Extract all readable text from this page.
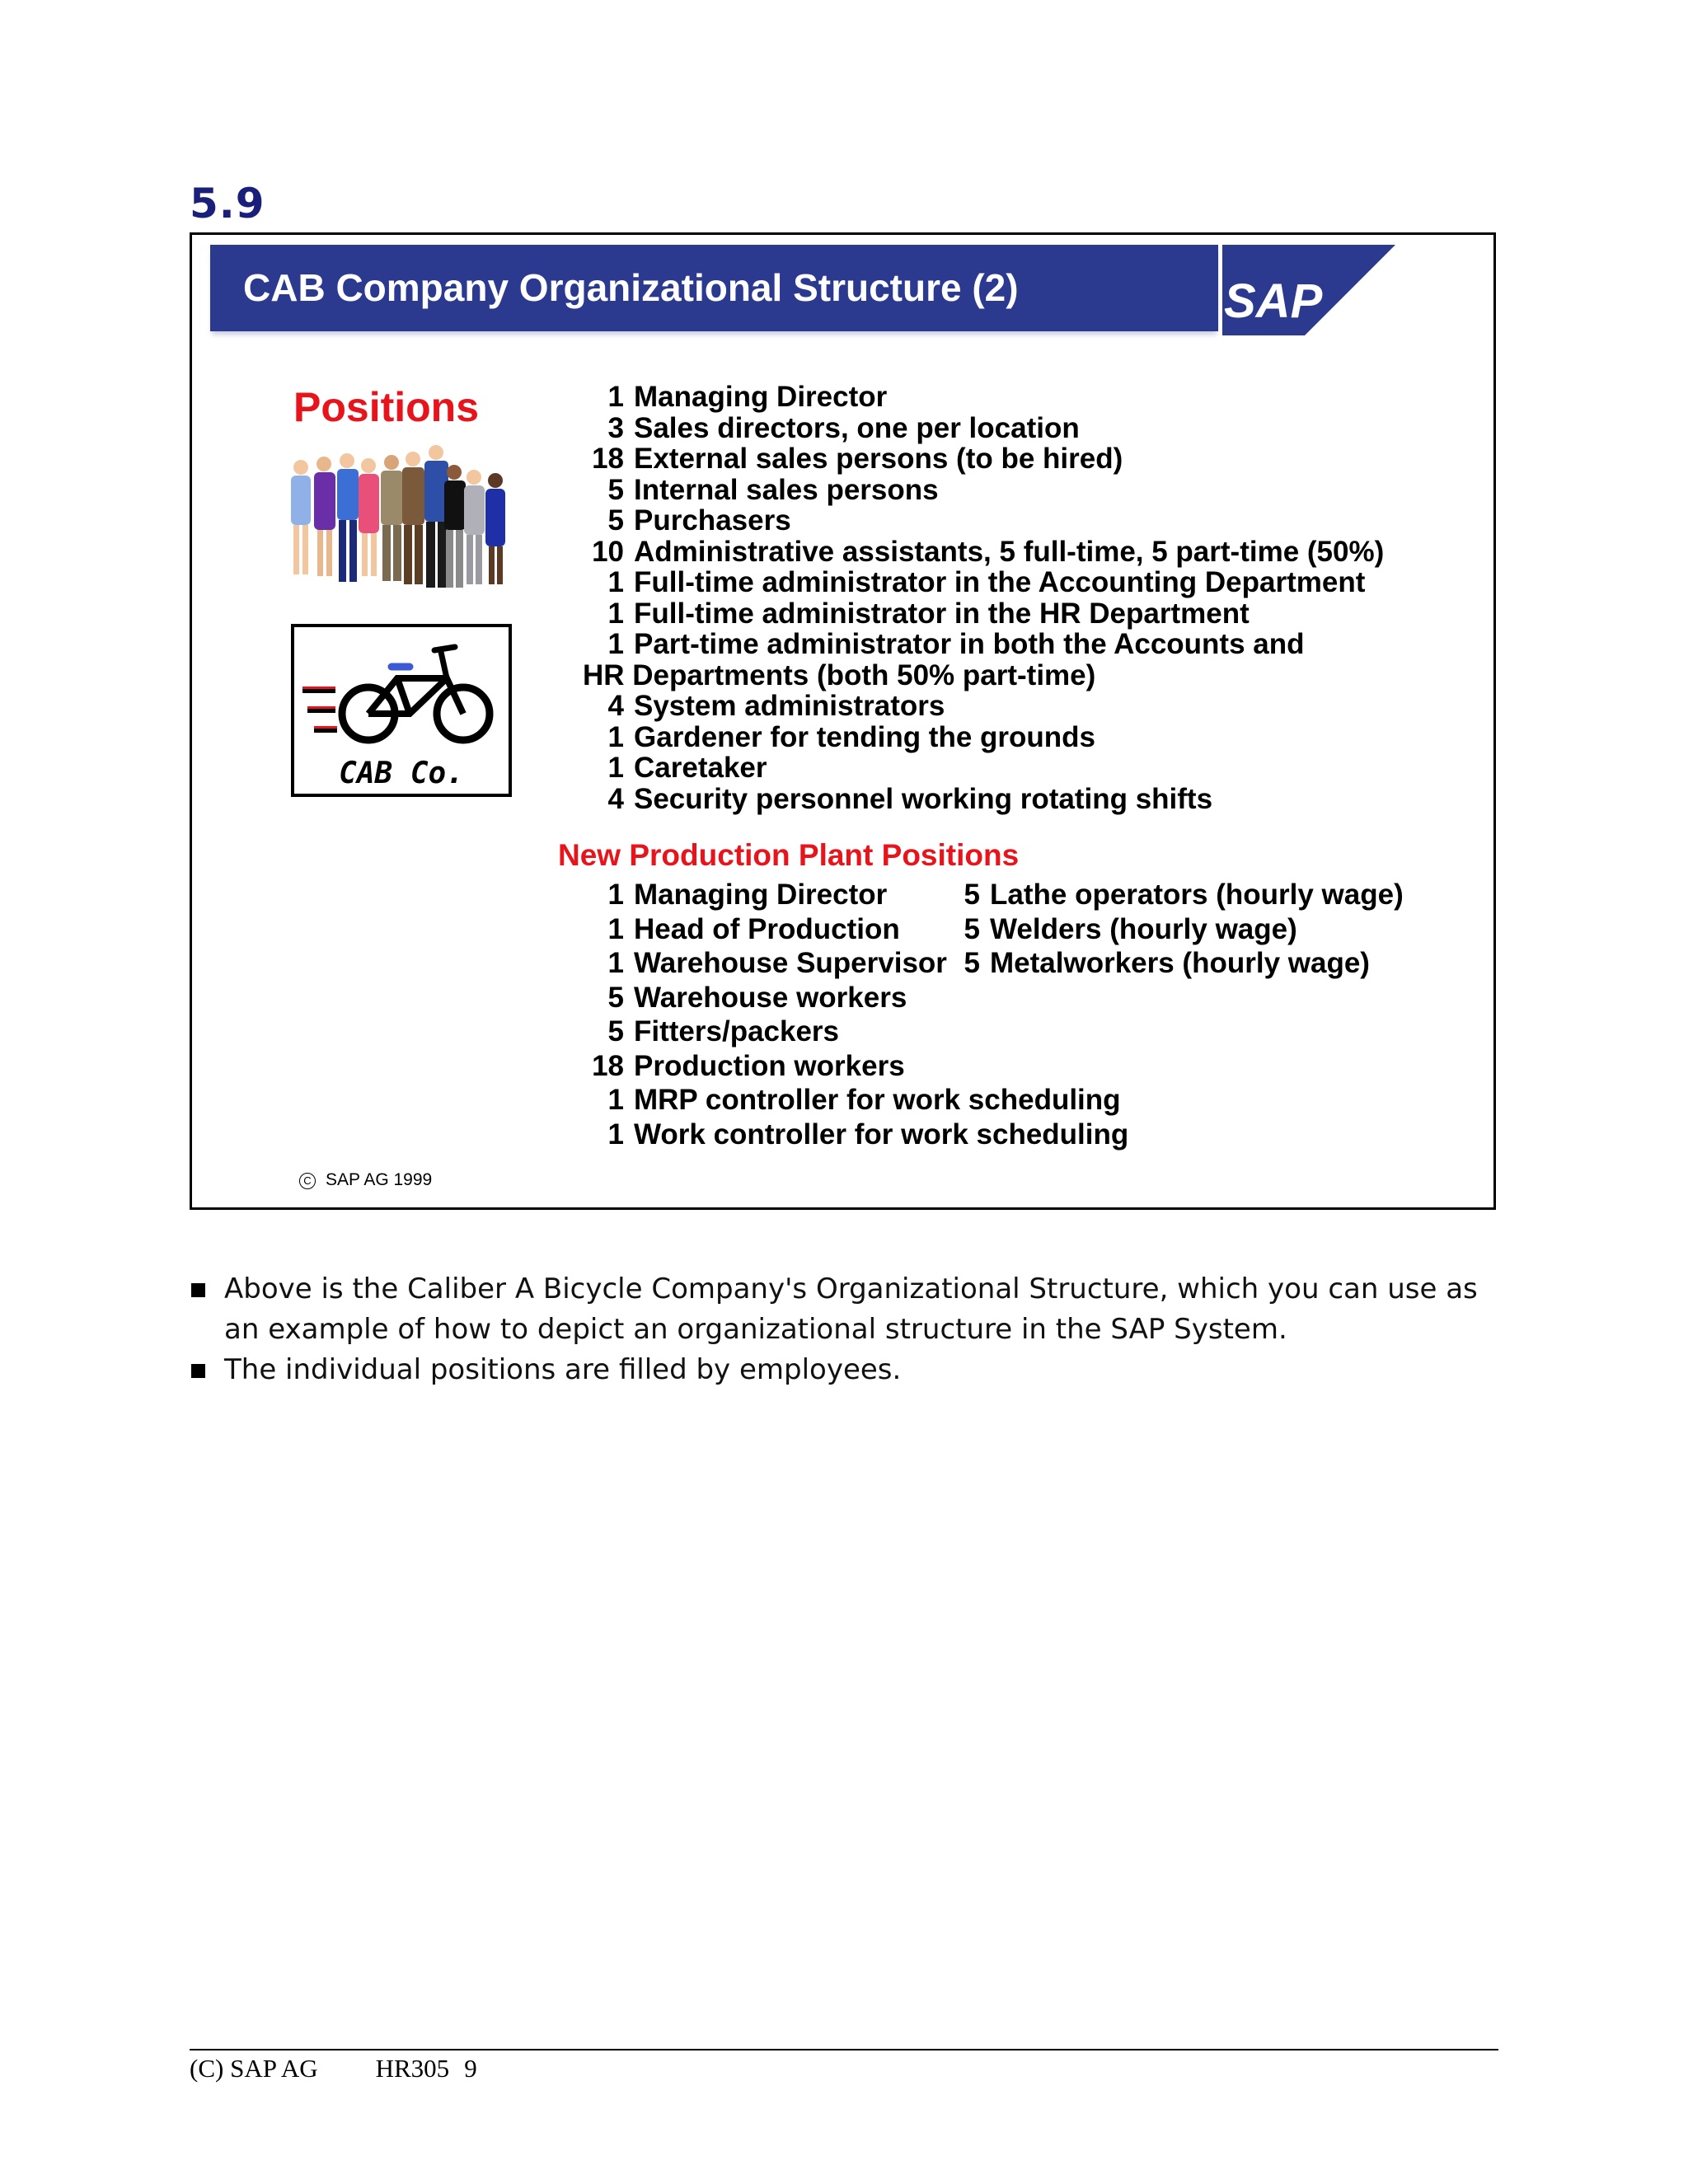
5.9
CAB Company Organizational Structure (2)	SAP
Positions
CAB Co.
1 Managing Director
3 Sales directors, one per location
18 External sales persons (to be hired)
5 Internal sales persons
5 Purchasers
10 Administrative assistants, 5 full-time, 5 part-time (50%)
1 Full-time administrator in the Accounting Department
1 Full-time administrator in the HR Department
1 Part-time administrator in both the Accounts and
HR Departments (both 50% part-time)
4 System administrators
1 Gardener for tending the grounds
1 Caretaker
4 Security personnel working rotating shifts
New Production Plant Positions
1 Managing Director
1 Head of Production
1 Warehouse Supervisor
5 Warehouse workers
5 Fitters/packers
18 Production workers
1 MRP controller for work scheduling
1 Work controller for work scheduling
5 Lathe operators (hourly wage)
5 Welders (hourly wage)
5 Metalworkers (hourly wage)
C SAP AG 1999
Above is the Caliber A Bicycle Company's Organizational Structure, which you can use as an example of how to depict an organizational structure in the SAP System.
The individual positions are filled by employees.
(C) SAP AG HR305 9
